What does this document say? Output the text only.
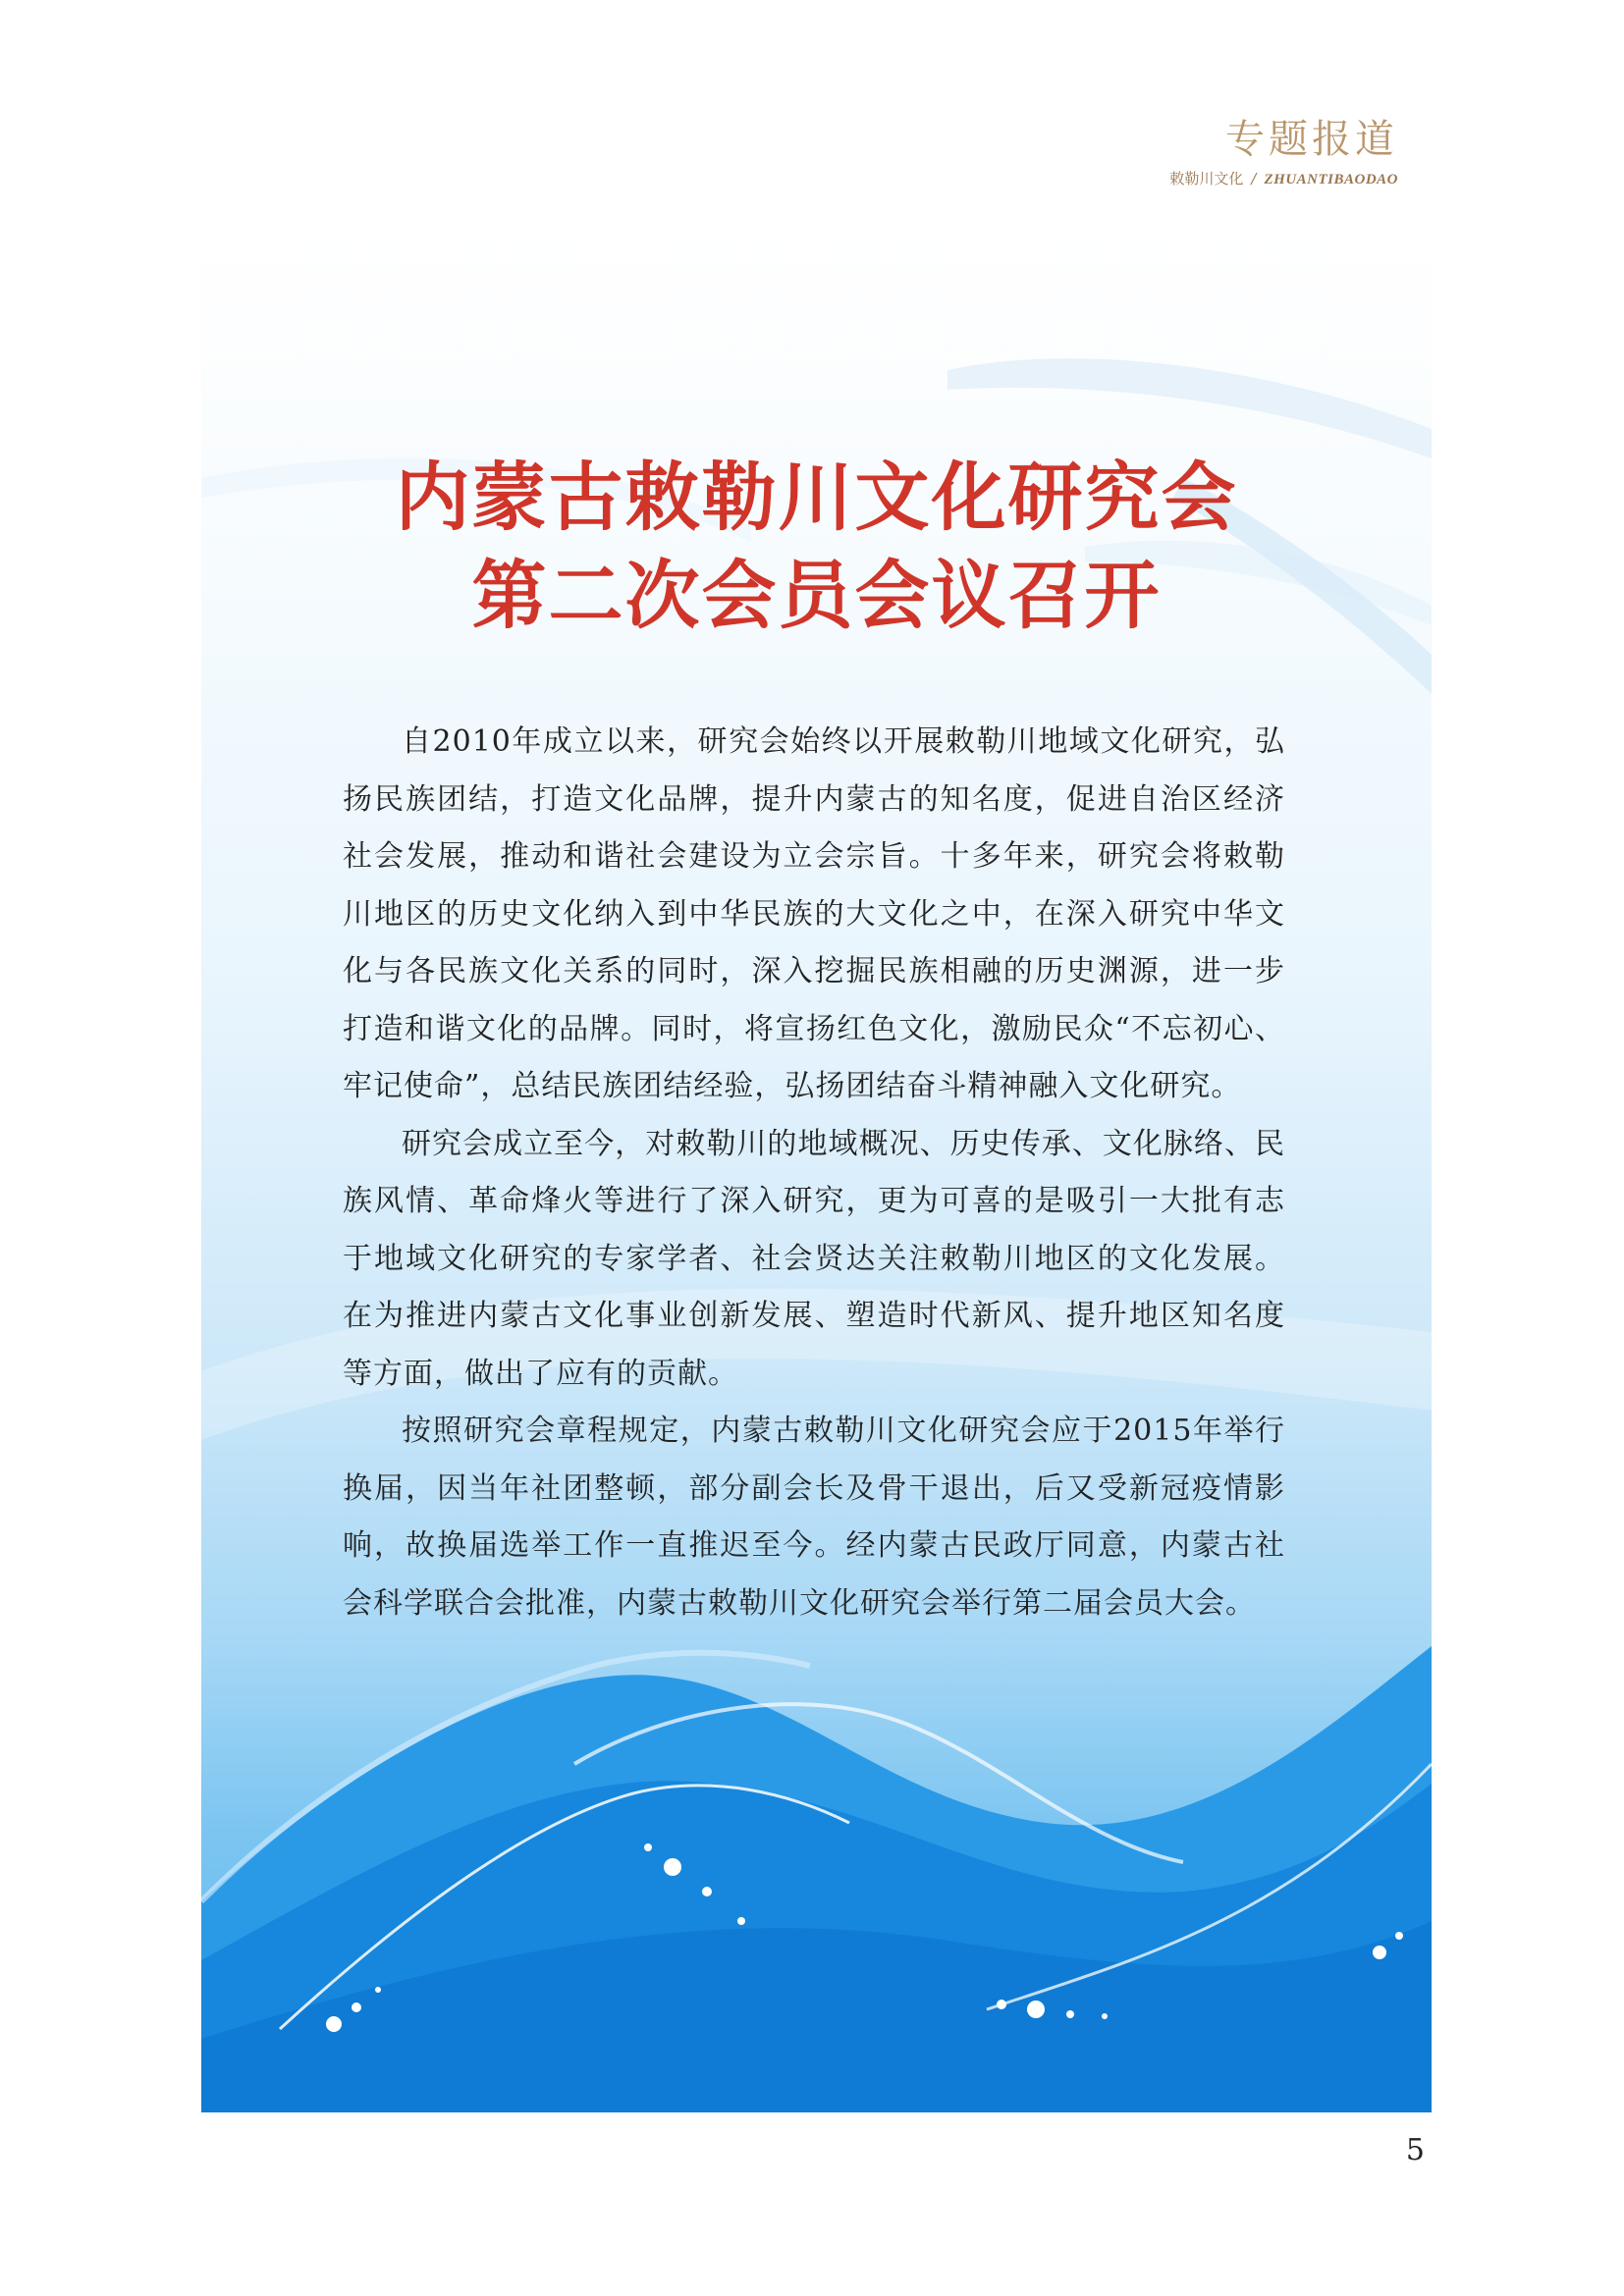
专题报道
敕勒川文化 / ZHUANTIBAODAO
内蒙古敕勒川文化研究会
第二次会员会议召开

自2010年成立以来，研究会始终以开展敕勒川地域文化研究，弘扬民族团结，打造文化品牌，提升内蒙古的知名度，促进自治区经济社会发展，推动和谐社会建设为立会宗旨。十多年来，研究会将敕勒川地区的历史文化纳入到中华民族的大文化之中，在深入研究中华文化与各民族文化关系的同时，深入挖掘民族相融的历史渊源，进一步打造和谐文化的品牌。同时，将宣扬红色文化，激励民众“不忘初心、牢记使命”，总结民族团结经验，弘扬团结奋斗精神融入文化研究。

研究会成立至今，对敕勒川的地域概况、历史传承、文化脉络、民族风情、革命烽火等进行了深入研究，更为可喜的是吸引一大批有志于地域文化研究的专家学者、社会贤达关注敕勒川地区的文化发展。在为推进内蒙古文化事业创新发展、塑造时代新风、提升地区知名度等方面，做出了应有的贡献。

按照研究会章程规定，内蒙古敕勒川文化研究会应于2015年举行换届，因当年社团整顿，部分副会长及骨干退出，后又受新冠疫情影响，故换届选举工作一直推迟至今。经内蒙古民政厅同意，内蒙古社会科学联合会批准，内蒙古敕勒川文化研究会举行第二届会员大会。

5
